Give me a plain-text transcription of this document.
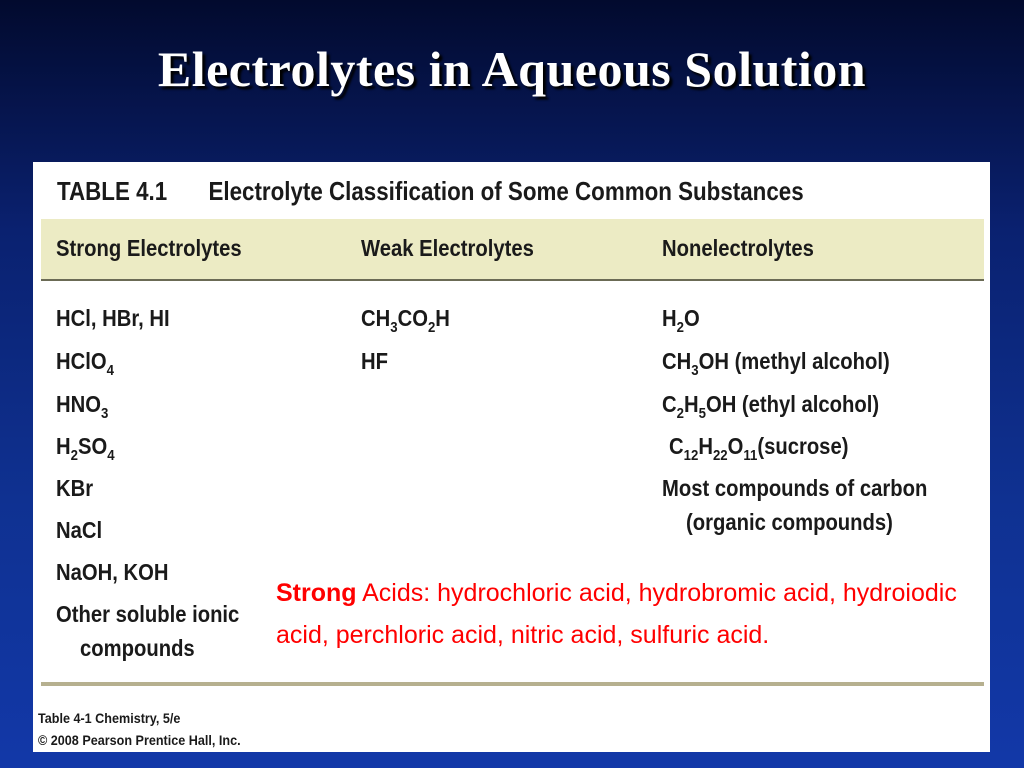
Electrolytes in Aqueous Solution
TABLE 4.1 Electrolyte Classification of Some Common Substances
Strong Electrolytes	Weak Electrolytes	Nonelectrolytes
HCl, HBr, HI
HClO$_4$
$HNO_3$
$H_2SO_4$
KBr
NaCl
NaOH, KOH
Other soluble ionic
compounds
$CH_3CO_2H$
HF
$H_2O$
$CH_3OH$ (methyl alcohol)
$C_2H_5OH$ (ethyl alcohol)
$C_{12}H_{22}O_{11}(sucrose)$
Most compounds of carbon
(organic compounds)
Table 4-1 Chemistry, 5/e
© 2008 Pearson Prentice Hall, Inc.
Strong Acids: hydrochloric acid, hydrobromic acid, hydroiodic acid, perchloric acid, nitric acid, sulfuric acid.
